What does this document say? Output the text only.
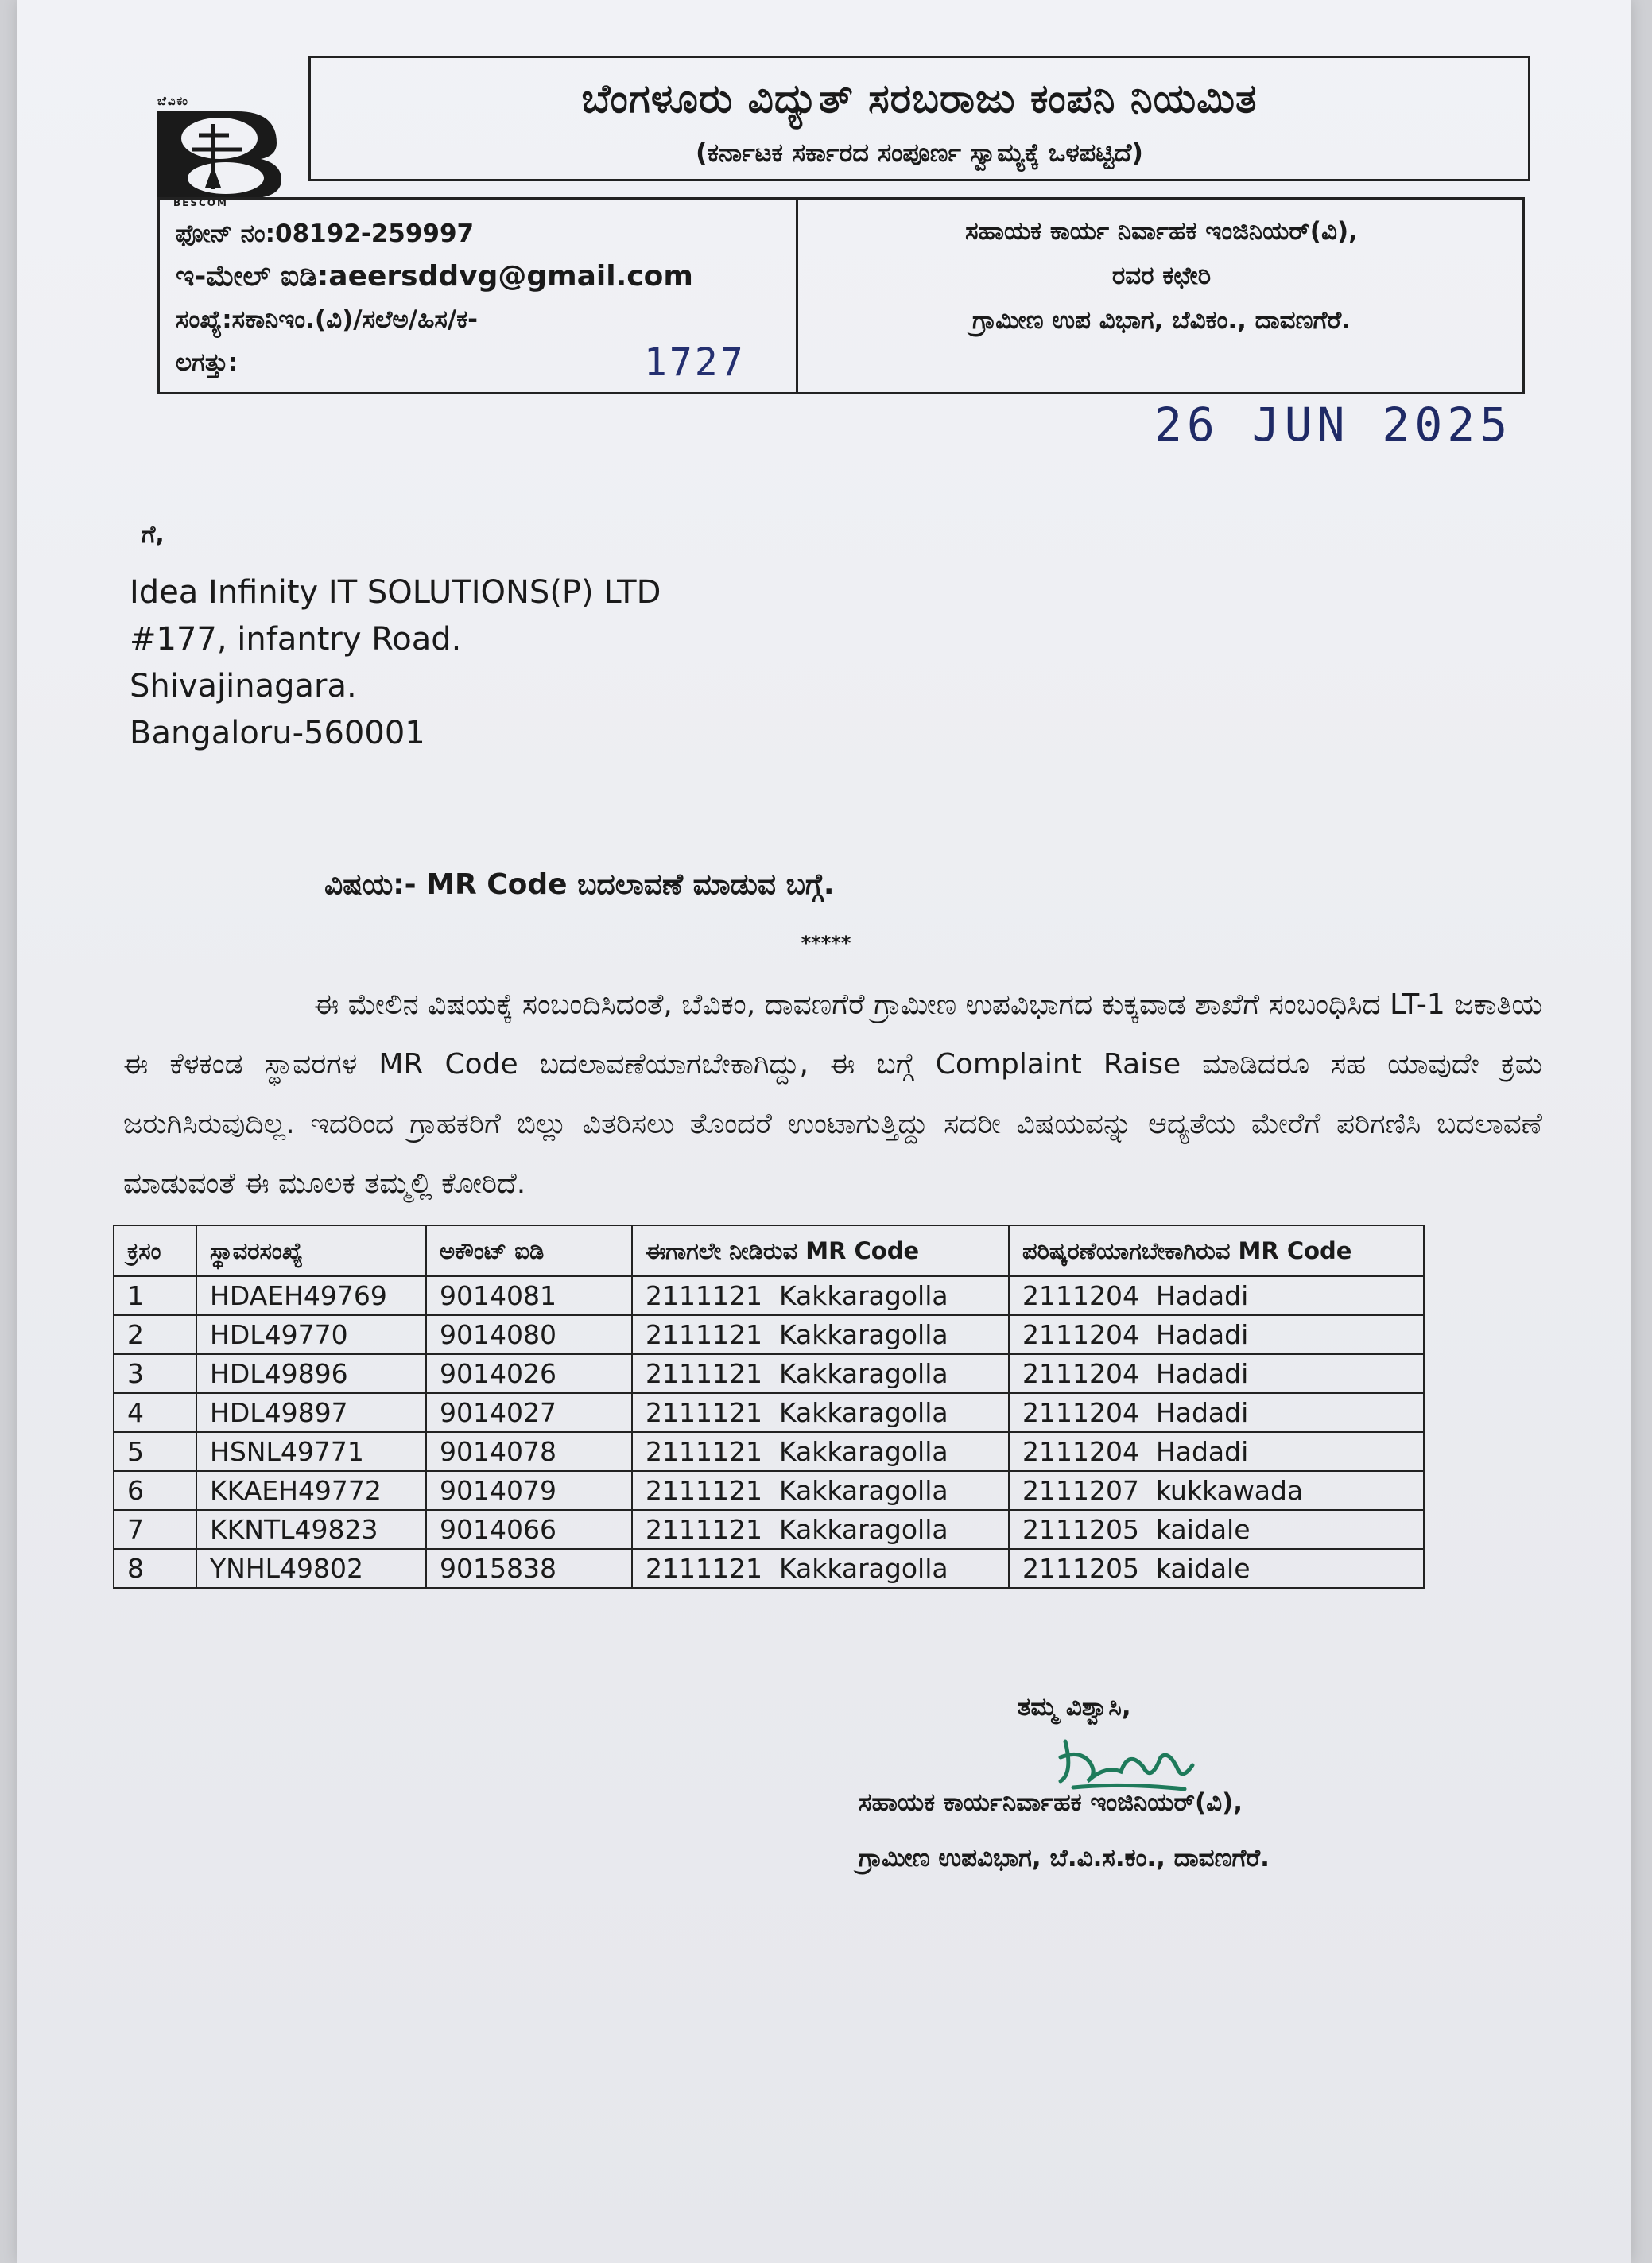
ಬೆವಿಕಂ
BESCOM
ಬೆಂಗಳೂರು ವಿದ್ಯುತ್ ಸರಬರಾಜು ಕಂಪನಿ ನಿಯಮಿತ
(ಕರ್ನಾಟಕ ಸರ್ಕಾರದ ಸಂಪೂರ್ಣ ಸ್ವಾಮ್ಯಕ್ಕೆ ಒಳಪಟ್ಟಿದೆ)
ಫೋನ್ ನಂ:08192-259997
ಇ-ಮೇಲ್ ಐಡಿ:aeersddvg@gmail.com
ಸಂಖ್ಯೆ:ಸಕಾನಿಇಂ.(ವಿ)/ಸಲೆಅ/ಹಿಸ/ಕ-
ಲಗತ್ತು:
ಸಹಾಯಕ ಕಾರ್ಯ ನಿರ್ವಾಹಕ ಇಂಜಿನಿಯರ್(ವಿ),
ರವರ ಕಛೇರಿ
ಗ್ರಾಮೀಣ ಉಪ ವಿಭಾಗ, ಬೆವಿಕಂ., ದಾವಣಗೆರೆ.
1727
26 JUN 2025
ಗೆ,
Idea Infinity IT SOLUTIONS(P) LTD
#177, infantry Road.
Shivajinagara.
Bangaloru-560001
ವಿಷಯ:- MR Code ಬದಲಾವಣೆ ಮಾಡುವ ಬಗ್ಗೆ.
*****
ಈ ಮೇಲಿನ ವಿಷಯಕ್ಕೆ ಸಂಬಂದಿಸಿದಂತೆ, ಬೆವಿಕಂ, ದಾವಣಗೆರೆ ಗ್ರಾಮೀಣ ಉಪವಿಭಾಗದ ಕುಕ್ಕವಾಡ ಶಾಖೆಗೆ ಸಂಬಂಧಿಸಿದ LT-1 ಜಕಾತಿಯ ಈ ಕೆಳಕಂಡ ಸ್ಥಾವರಗಳ MR Code ಬದಲಾವಣೆಯಾಗಬೇಕಾಗಿದ್ದು, ಈ ಬಗ್ಗೆ Complaint Raise ಮಾಡಿದರೂ ಸಹ ಯಾವುದೇ ಕ್ರಮ ಜರುಗಿಸಿರುವುದಿಲ್ಲ. ಇದರಿಂದ ಗ್ರಾಹಕರಿಗೆ ಬಿಲ್ಲು ವಿತರಿಸಲು ತೊಂದರೆ ಉಂಟಾಗುತ್ತಿದ್ದು ಸದರೀ ವಿಷಯವನ್ನು ಆದ್ಯತೆಯ ಮೇರೆಗೆ ಪರಿಗಣಿಸಿ ಬದಲಾವಣೆ ಮಾಡುವಂತೆ ಈ ಮೂಲಕ ತಮ್ಮಲ್ಲಿ ಕೋರಿದೆ.
ಕ್ರಸಂ	ಸ್ಥಾವರಸಂಖ್ಯೆ	ಅಕೌಂಟ್ ಐಡಿ	ಈಗಾಗಲೇ ನೀಡಿರುವ MR Code	ಪರಿಷ್ಕರಣೆಯಾಗಬೇಕಾಗಿರುವ MR Code
1	HDAEH49769	9014081	2111121  Kakkaragolla	2111204  Hadadi
2	HDL49770	9014080	2111121  Kakkaragolla	2111204  Hadadi
3	HDL49896	9014026	2111121  Kakkaragolla	2111204  Hadadi
4	HDL49897	9014027	2111121  Kakkaragolla	2111204  Hadadi
5	HSNL49771	9014078	2111121  Kakkaragolla	2111204  Hadadi
6	KKAEH49772	9014079	2111121  Kakkaragolla	2111207  kukkawada
7	KKNTL49823	9014066	2111121  Kakkaragolla	2111205  kaidale
8	YNHL49802	9015838	2111121  Kakkaragolla	2111205  kaidale
ತಮ್ಮ ವಿಶ್ವಾಸಿ,
ಸಹಾಯಕ ಕಾರ್ಯನಿರ್ವಾಹಕ ಇಂಜಿನಿಯರ್(ವಿ),
ಗ್ರಾಮೀಣ ಉಪವಿಭಾಗ, ಬೆ.ವಿ.ಸ.ಕಂ., ದಾವಣಗೆರೆ.
